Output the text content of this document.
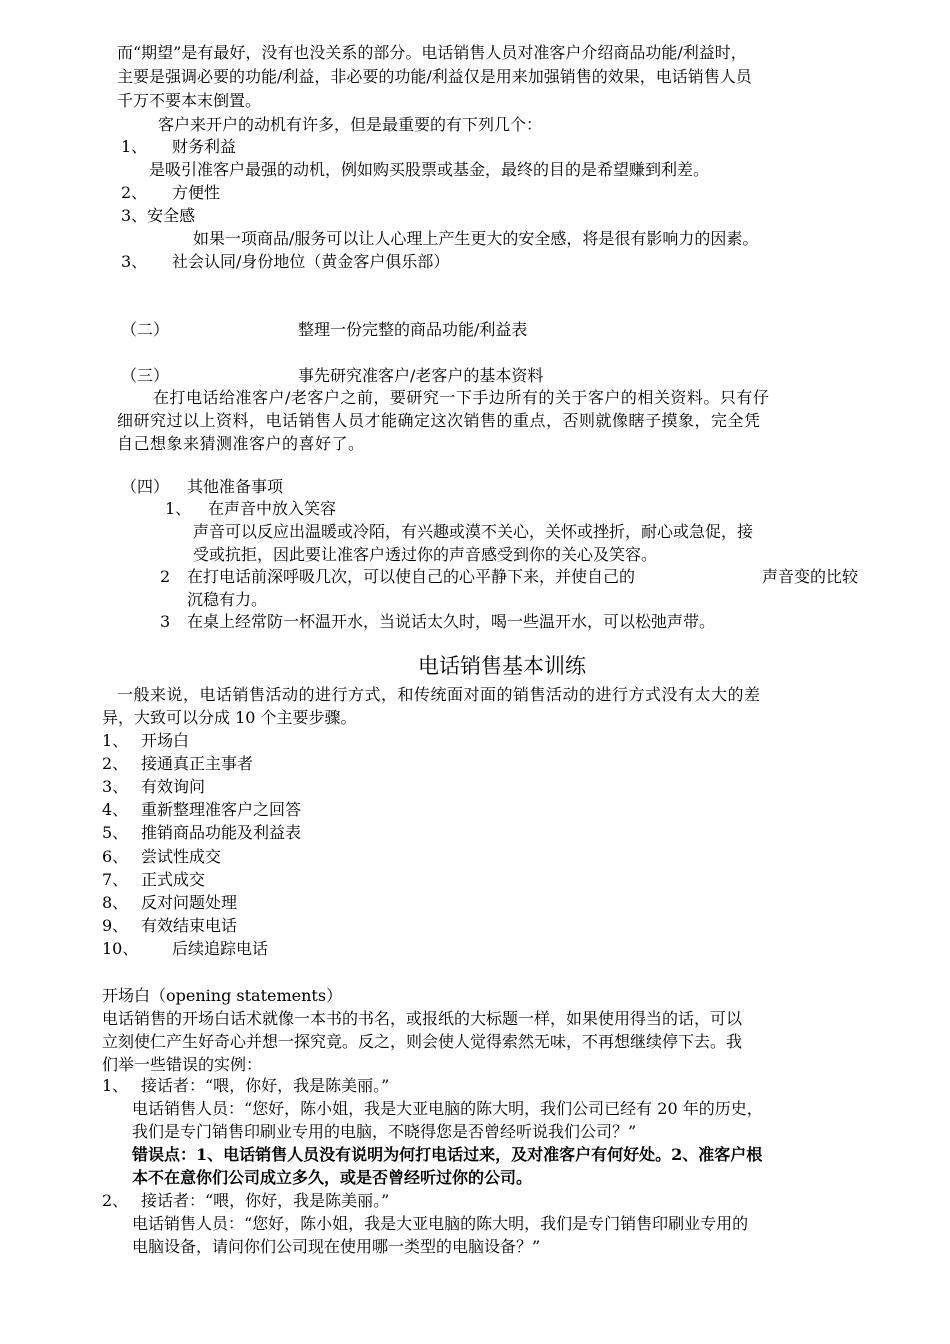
而“期望”是有最好，没有也没关系的部分。电话销售人员对准客户介绍商品功能/利益时，
主要是强调必要的功能/利益，非必要的功能/利益仅是用来加强销售的效果，电话销售人员
千万不要本末倒置。
客户来开户的动机有许多，但是最重要的有下列几个：
1、 财务利益
是吸引准客户最强的动机，例如购买股票或基金，最终的目的是希望赚到利差。
2、 方便性
3、安全感
如果一项商品/服务可以让人心理上产生更大的安全感，将是很有影响力的因素。
3、 社会认同/身份地位（黄金客户俱乐部）
（二）	整理一份完整的商品功能/利益表
（三）	事先研究准客户/老客户的基本资料
在打电话给准客户/老客户之前，要研究一下手边所有的关于客户的相关资料。只有仔
细研究过以上资料，电话销售人员才能确定这次销售的重点，否则就像瞎子摸象，完全凭
自己想象来猜测准客户的喜好了。
（四） 其他准备事项
1、 在声音中放入笑容
声音可以反应出温暖或冷陌，有兴趣或漠不关心，关怀或挫折，耐心或急促，接
受或抗拒，因此要让准客户透过你的声音感受到你的关心及笑容。
2 在打电话前深呼吸几次，可以使自己的心平静下来，并使自己的	声音变的比较
沉稳有力。
3 在桌上经常防一杯温开水，当说话太久时，喝一些温开水，可以松弛声带。
电话销售基本训练
一般来说，电话销售活动的进行方式，和传统面对面的销售活动的进行方式没有太大的差
异，大致可以分成 10 个主要步骤。
1、 开场白
2、 接通真正主事者
3、 有效询问
4、 重新整理准客户之回答
5、 推销商品功能及利益表
6、 尝试性成交
7、 正式成交
8、 反对问题处理
9、 有效结束电话
10、 后续追踪电话
开场白（opening statements）
电话销售的开场白话术就像一本书的书名，或报纸的大标题一样，如果使用得当的话，可以
立刻使仁产生好奇心并想一探究竟。反之，则会使人觉得索然无味，不再想继续停下去。我
们举一些错误的实例：
1、 接话者：“喂，你好，我是陈美丽。”
电话销售人员：“您好，陈小姐，我是大亚电脑的陈大明，我们公司已经有 20 年的历史，
我们是专门销售印刷业专用的电脑，不晓得您是否曾经听说我们公司？”
错误点：1、电话销售人员没有说明为何打电话过来，及对准客户有何好处。2、准客户根
本不在意你们公司成立多久，或是否曾经听过你的公司。
2、 接话者：“喂，你好，我是陈美丽。”
电话销售人员：“您好，陈小姐，我是大亚电脑的陈大明，我们是专门销售印刷业专用的
电脑设备，请问你们公司现在使用哪一类型的电脑设备？”
